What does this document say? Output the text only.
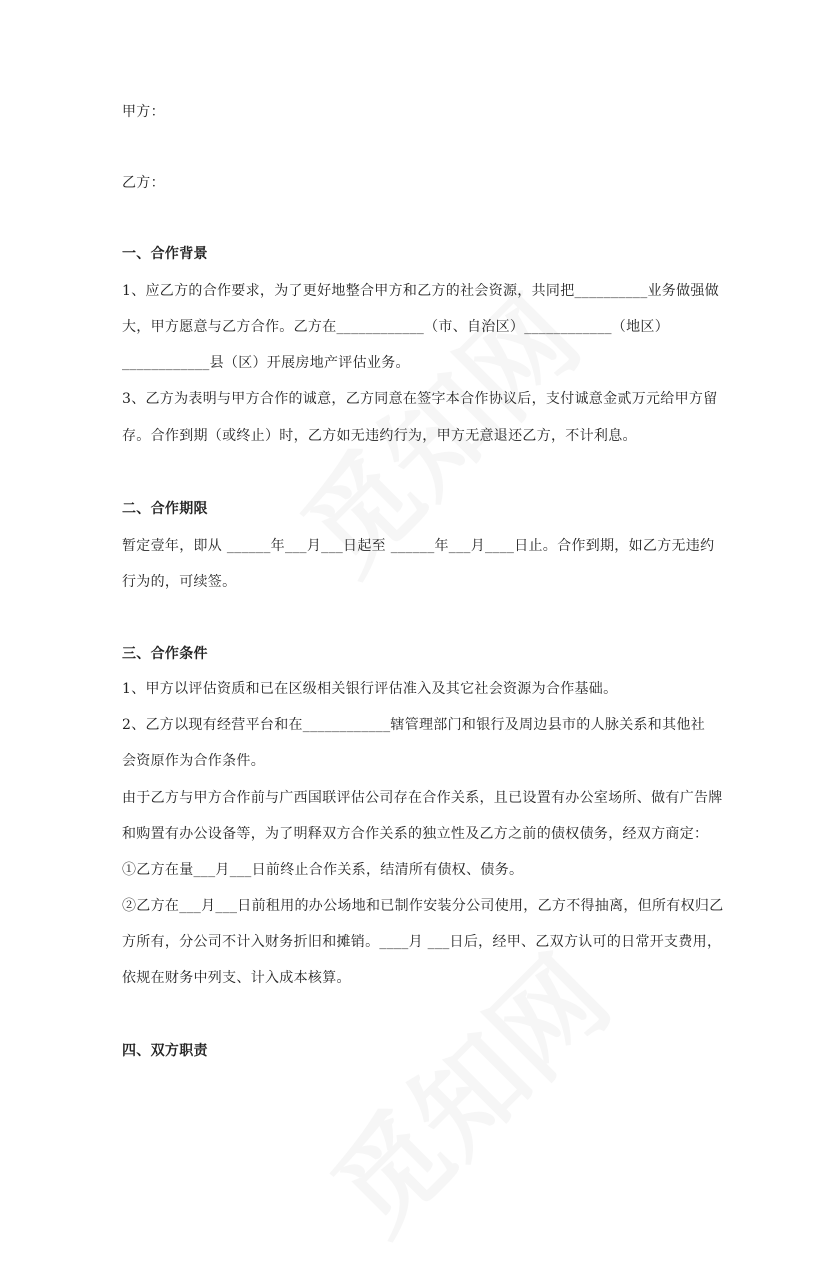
甲方：
乙方：
一、合作背景
1、应乙方的合作要求，为了更好地整合甲方和乙方的社会资源，共同把__________业务做强做
大，甲方愿意与乙方合作。乙方在____________（市、自治区）____________（地区）
____________县（区）开展房地产评估业务。
3、乙方为表明与甲方合作的诚意，乙方同意在签字本合作协议后，支付诚意金贰万元给甲方留
存。合作到期（或终止）时，乙方如无违约行为，甲方无意退还乙方，不计利息。
二、合作期限
暂定壹年，即从 ______年___月___日起至 ______年___月____日止。合作到期，如乙方无违约
行为的，可续签。
三、合作条件
1、甲方以评估资质和已在区级相关银行评估准入及其它社会资源为合作基础。
2、乙方以现有经营平台和在____________辖管理部门和银行及周边县市的人脉关系和其他社
会资原作为合作条件。
由于乙方与甲方合作前与广西国联评估公司存在合作关系，且已设置有办公室场所、做有广告牌
和购置有办公设备等，为了明释双方合作关系的独立性及乙方之前的债权债务，经双方商定：
①乙方在量___月___日前终止合作关系，结清所有债权、债务。
②乙方在___月___日前租用的办公场地和已制作安装分公司使用，乙方不得抽离，但所有权归乙
方所有，分公司不计入财务折旧和摊销。____月 ___日后，经甲、乙双方认可的日常开支费用，
依规在财务中列支、计入成本核算。
四、双方职责
